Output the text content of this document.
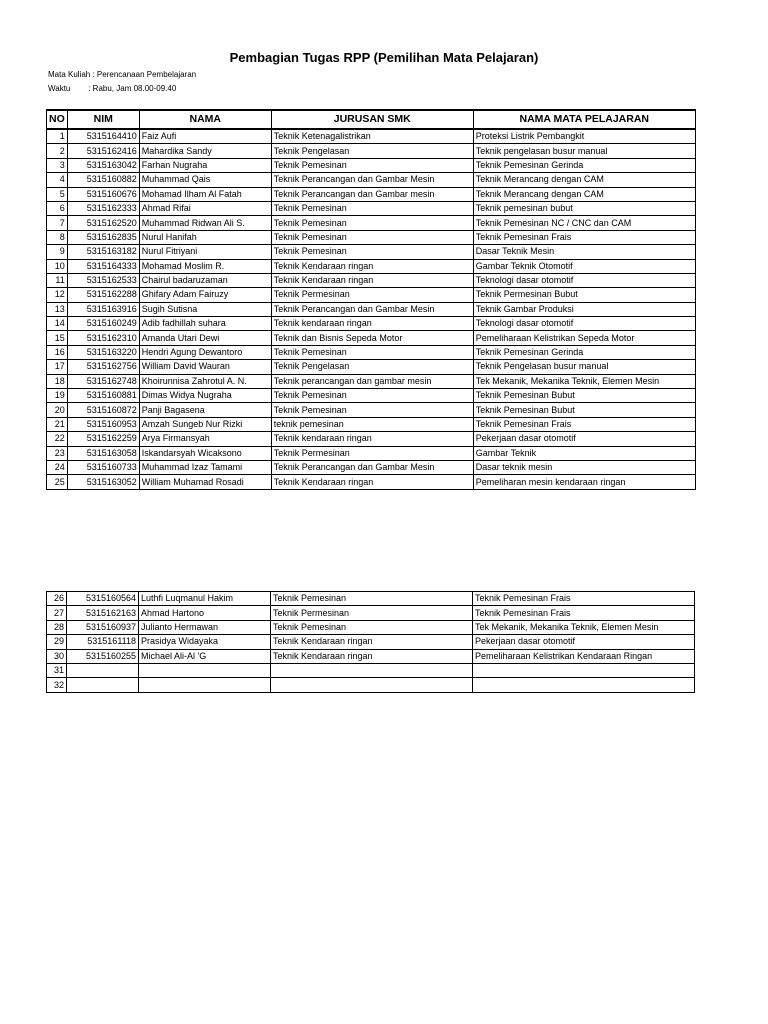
Pembagian Tugas RPP (Pemilihan Mata Pelajaran)
Mata Kuliah : Perencanaan Pembelajaran
Waktu : Rabu, Jam 08.00-09.40
NO	NIM	NAMA	JURUSAN SMK	NAMA MATA PELAJARAN
1	5315164410	Faiz Aufi	Teknik Ketenagalistrikan	Proteksi Listrik Pembangkit
2	5315162416	Mahardika Sandy	Teknik Pengelasan	Teknik pengelasan busur manual
3	5315163042	Farhan Nugraha	Teknik Pemesinan	Teknik Pemesinan Gerinda
4	5315160882	Muhammad Qais	Teknik Perancangan dan Gambar Mesin	Teknik Merancang dengan CAM
5	5315160676	Mohamad Ilham Al Fatah	Teknik Perancangan dan Gambar mesin	Teknik Merancang dengan CAM
6	5315162333	Ahmad Rifai	Teknik Pemesinan	Teknik pemesinan bubut
7	5315162520	Muhammad Ridwan Ali S.	Teknik Pemesinan	Teknik Pemesinan NC / CNC dan CAM
8	5315162835	Nurul Hanifah	Teknik Pemesinan	Teknik Pemesinan Frais
9	5315163182	Nurul Fitriyani	Teknik Pemesinan	Dasar Teknik Mesin
10	5315164333	Mohamad Moslim R.	Teknik Kendaraan ringan	Gambar Teknik Otomotif
11	5315162533	Chairul badaruzaman	Teknik Kendaraan ringan	Teknologi dasar otomotif
12	5315162288	Ghifary Adam Fairuzy	Teknik Permesinan	Teknik Permesinan Bubut
13	5315163916	Sugih Sutisna	Teknik Perancangan dan Gambar Mesin	Teknik Gambar Produksi
14	5315160249	Adib fadhillah suhara	Teknik kendaraan ringan	Teknologi dasar otomotif
15	5315162310	Amanda Utari Dewi	Teknik dan Bisnis Sepeda Motor	Pemeliharaan Kelistrikan Sepeda Motor
16	5315163220	Hendri Agung Dewantoro	Teknik Pemesinan	Teknik Pemesinan Gerinda
17	5315162756	William David Wauran	Teknik Pengelasan	Teknik Pengelasan busur manual
18	5315162748	Khoirunnisa Zahrotul A. N.	Teknik perancangan dan gambar mesin	Tek Mekanik, Mekanika Teknik, Elemen Mesin
19	5315160881	Dimas Widya Nugraha	Teknik Pemesinan	Teknik Pemesinan Bubut
20	5315160872	Panji Bagasena	Teknik Pemesinan	Teknik Pemesinan Bubut
21	5315160953	Amzah Sungeb Nur Rizki	teknik pemesinan	Teknik Pemesinan Frais
22	5315162259	Arya Firmansyah	Teknik kendaraan ringan	Pekerjaan dasar otomotif
23	5315163058	Iskandarsyah Wicaksono	Teknik Permesinan	Gambar Teknik
24	5315160733	Muhammad Izaz Tamami	Teknik Perancangan dan Gambar Mesin	Dasar teknik mesin
25	5315163052	William Muhamad Rosadi	Teknik Kendaraan ringan	Pemeliharan mesin kendaraan ringan
26	5315160564	Luthfi Luqmanul Hakim	Teknik Pemesinan	Teknik Pemesinan Frais
27	5315162163	Ahmad Hartono	Teknik Permesinan	Teknik Pemesinan Frais
28	5315160937	Julianto Hermawan	Teknik Pemesinan	Tek Mekanik, Mekanika Teknik, Elemen Mesin
29	5315161118	Prasidya Widayaka	Teknik Kendaraan ringan	Pekerjaan dasar otomotif
30	5315160255	Michael Ali-Al 'G	Teknik Kendaraan ringan	Pemeliharaan Kelistrikan Kendaraan Ringan
31				
32				
